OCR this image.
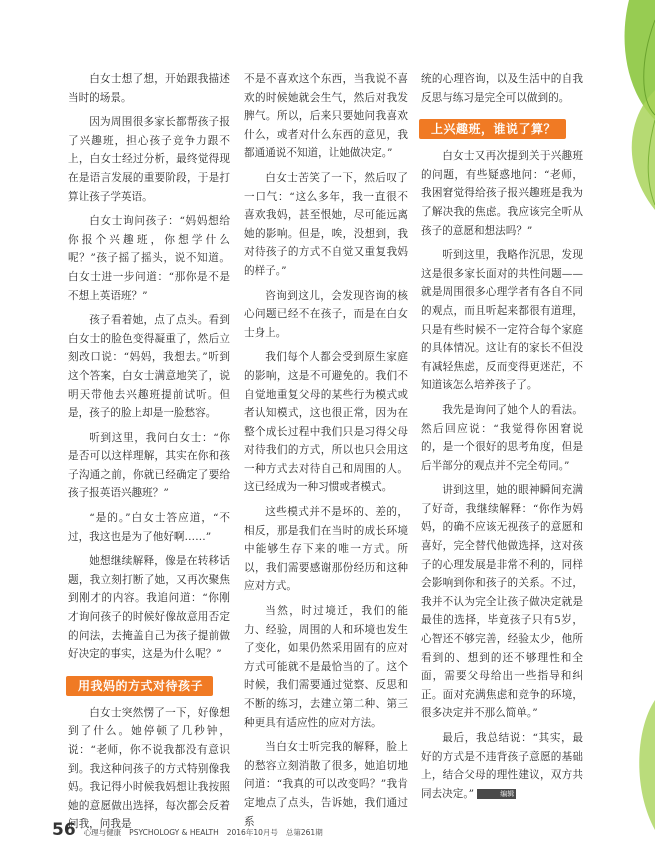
白女士想了想，开始跟我描述当时的场景。

因为周围很多家长都帮孩子报了兴趣班，担心孩子竞争力跟不上，白女士经过分析，最终觉得现在是语言发展的重要阶段，于是打算让孩子学英语。

白女士询问孩子：“妈妈想给你报个兴趣班，你想学什么呢？”孩子摇了摇头，说不知道。白女士进一步问道：“那你是不是不想上英语班？”

孩子看着她，点了点头。看到白女士的脸色变得凝重了，然后立刻改口说：“妈妈，我想去。”听到这个答案，白女士满意地笑了，说明天带他去兴趣班提前试听。但是，孩子的脸上却是一脸愁容。

听到这里，我问白女士：“你是否可以这样理解，其实在你和孩子沟通之前，你就已经确定了要给孩子报英语兴趣班？”

“是的。”白女士答应道，“不过，我这也是为了他好啊……”

她想继续解释，像是在转移话题，我立刻打断了她，又再次聚焦到刚才的内容。我追问道：“你刚才询问孩子的时候好像故意用否定的问法，去掩盖自己为孩子提前做好决定的事实，这是为什么呢？”

用我妈的方式对待孩子

白女士突然愣了一下，好像想到了什么。她停顿了几秒钟，说：“老师，你不说我都没有意识到。我这种问孩子的方式特别像我妈。我记得小时候我妈想让我按照她的意愿做出选择，每次都会反着问我，问我是

不是不喜欢这个东西，当我说不喜欢的时候她就会生气，然后对我发脾气。所以，后来只要她问我喜欢什么，或者对什么东西的意见，我都通通说不知道，让她做决定。”

白女士苦笑了一下，然后叹了一口气：“这么多年，我一直很不喜欢我妈，甚至恨她，尽可能远离她的影响。但是，唉，没想到，我对待孩子的方式不自觉又重复我妈的样子。”

咨询到这儿，会发现咨询的核心问题已经不在孩子，而是在白女士身上。

我们每个人都会受到原生家庭的影响，这是不可避免的。我们不自觉地重复父母的某些行为模式或者认知模式，这也很正常，因为在整个成长过程中我们只是习得父母对待我们的方式，所以也只会用这一种方式去对待自己和周围的人。这已经成为一种习惯或者模式。

这些模式并不是坏的、差的，相反，那是我们在当时的成长环境中能够生存下来的唯一方式。所以，我们需要感谢那份经历和这种应对方式。

当然，时过境迁，我们的能力、经验，周围的人和环境也发生了变化，如果仍然采用固有的应对方式可能就不是最恰当的了。这个时候，我们需要通过觉察、反思和不断的练习，去建立第二种、第三种更具有适应性的应对方法。

当白女士听完我的解释，脸上的愁容立刻消散了很多，她追切地问道：“我真的可以改变吗？”我肯定地点了点头，告诉她，我们通过系

统的心理咨询，以及生活中的自我反思与练习是完全可以做到的。

上兴趣班，谁说了算？

白女士又再次提到关于兴趣班的问题，有些疑惑地问：“老师，我困窘觉得给孩子报兴趣班是我为了解决我的焦虑。我应该完全听从孩子的意愿和想法吗？”

听到这里，我略作沉思，发现这是很多家长面对的共性问题——就是周围很多心理学者有各自不同的观点，而且听起来都很有道理，只是有些时候不一定符合每个家庭的具体情况。这让有的家长不但没有减轻焦虑，反而变得更迷茫，不知道该怎么培养孩子了。

我先是询问了她个人的看法。然后回应说：“我觉得你困窘说的，是一个很好的思考角度，但是后半部分的观点并不完全苟同。”

讲到这里，她的眼神瞬间充满了好奇，我继续解释：“你作为妈妈，的确不应该无视孩子的意愿和喜好，完全替代他做选择，这对孩子的心理发展是非常不利的，同样会影响到你和孩子的关系。不过，我并不认为完全让孩子做决定就是最佳的选择，毕竟孩子只有5岁，心智还不够完善，经验太少，他所看到的、想到的还不够理性和全面，需要父母给出一些指导和纠正。面对充满焦虑和竞争的环境，很多决定并不那么简单。”

最后，我总结说：“其实，最好的方式是不违背孩子意愿的基础上，结合父母的理性建议，双方共同去决定。”	编辑

56 心理与健康 PSYCHOLOGY & HEALTH 2016年10月号 总第261期
